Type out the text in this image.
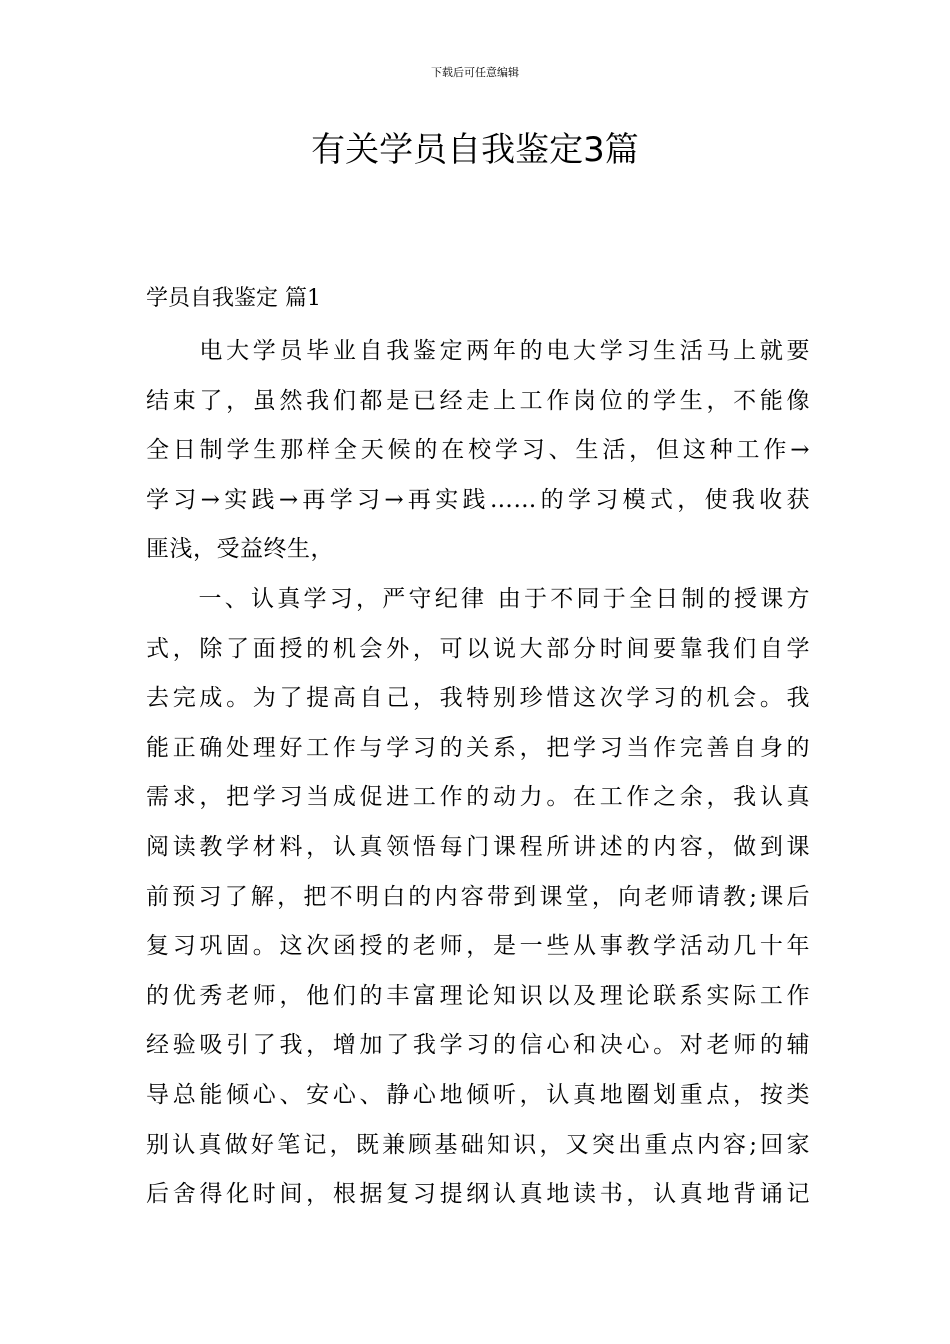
下载后可任意编辑
有关学员自我鉴定3篇
学员自我鉴定 篇1
　　电大学员毕业自我鉴定两年的电大学习生活马上就要
结束了，虽然我们都是已经走上工作岗位的学生，不能像
全日制学生那样全天候的在校学习、生活，但这种工作→
学习→实践→再学习→再实践……的学习模式，使我收获
匪浅，受益终生，
　　一、认真学习，严守纪律 由于不同于全日制的授课方
式，除了面授的机会外，可以说大部分时间要靠我们自学
去完成。为了提高自己，我特别珍惜这次学习的机会。我
能正确处理好工作与学习的关系，把学习当作完善自身的
需求，把学习当成促进工作的动力。在工作之余，我认真
阅读教学材料，认真领悟每门课程所讲述的内容，做到课
前预习了解，把不明白的内容带到课堂，向老师请教;课后
复习巩固。这次函授的老师，是一些从事教学活动几十年
的优秀老师，他们的丰富理论知识以及理论联系实际工作
经验吸引了我，增加了我学习的信心和决心。对老师的辅
导总能倾心、安心、静心地倾听，认真地圈划重点，按类
别认真做好笔记，既兼顾基础知识，又突出重点内容;回家
后舍得化时间，根据复习提纲认真地读书，认真地背诵记
